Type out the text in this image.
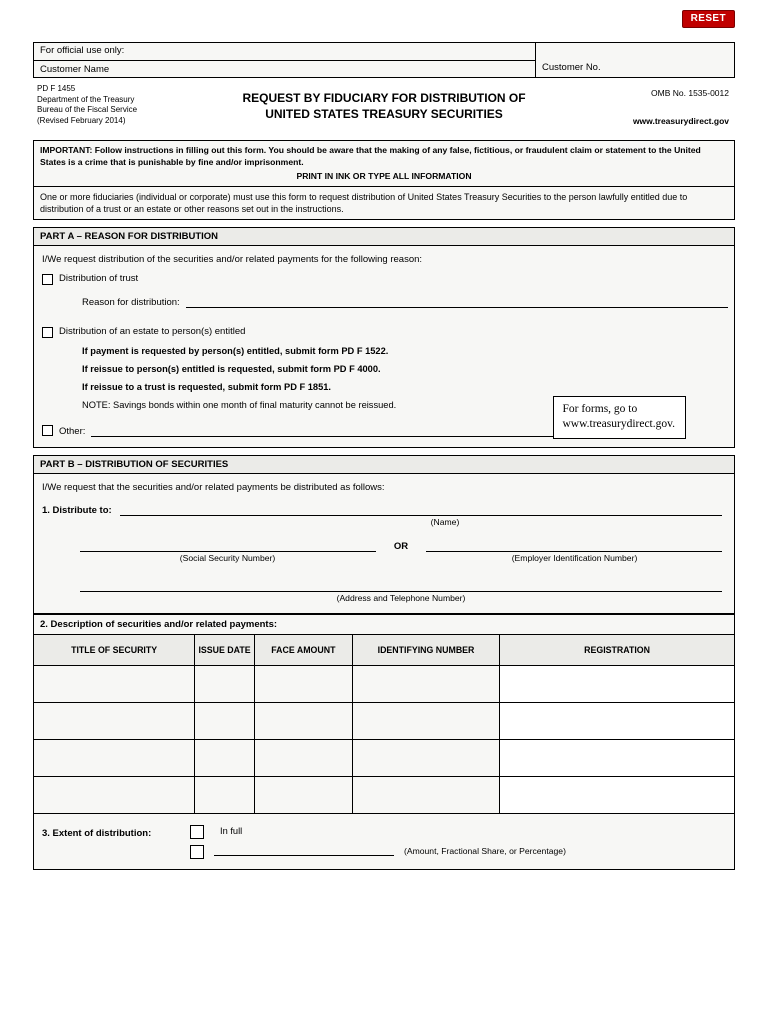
RESET
For official use only:
Customer Name	Customer No.
PD F 1455
Department of the Treasury
Bureau of the Fiscal Service
(Revised February 2014)
REQUEST BY FIDUCIARY FOR DISTRIBUTION OF
UNITED STATES TREASURY SECURITIES
OMB No. 1535-0012
www.treasurydirect.gov
IMPORTANT: Follow instructions in filling out this form. You should be aware that the making of any false, fictitious, or fraudulent claim or statement to the United States is a crime that is punishable by fine and/or imprisonment.
PRINT IN INK OR TYPE ALL INFORMATION
One or more fiduciaries (individual or corporate) must use this form to request distribution of United States Treasury Securities to the person lawfully entitled due to distribution of a trust or an estate or other reasons set out in the instructions.
PART A – REASON FOR DISTRIBUTION
I/We request distribution of the securities and/or related payments for the following reason:
Distribution of trust
Reason for distribution:
Distribution of an estate to person(s) entitled
If payment is requested by person(s) entitled, submit form PD F 1522.
If reissue to person(s) entitled is requested, submit form PD F 4000.
If reissue to a trust is requested, submit form PD F 1851.
NOTE: Savings bonds within one month of final maturity cannot be reissued.	For forms, go to
www.treasurydirect.gov.
Other:
PART B – DISTRIBUTION OF SECURITIES
I/We request that the securities and/or related payments be distributed as follows:
1. Distribute to:
(Name)
OR
(Social Security Number)	(Employer Identification Number)
(Address and Telephone Number)
2. Description of securities and/or related payments:
TITLE OF SECURITY	ISSUE DATE	FACE AMOUNT	IDENTIFYING NUMBER	REGISTRATION

3. Extent of distribution:	In full
(Amount, Fractional Share, or Percentage)
